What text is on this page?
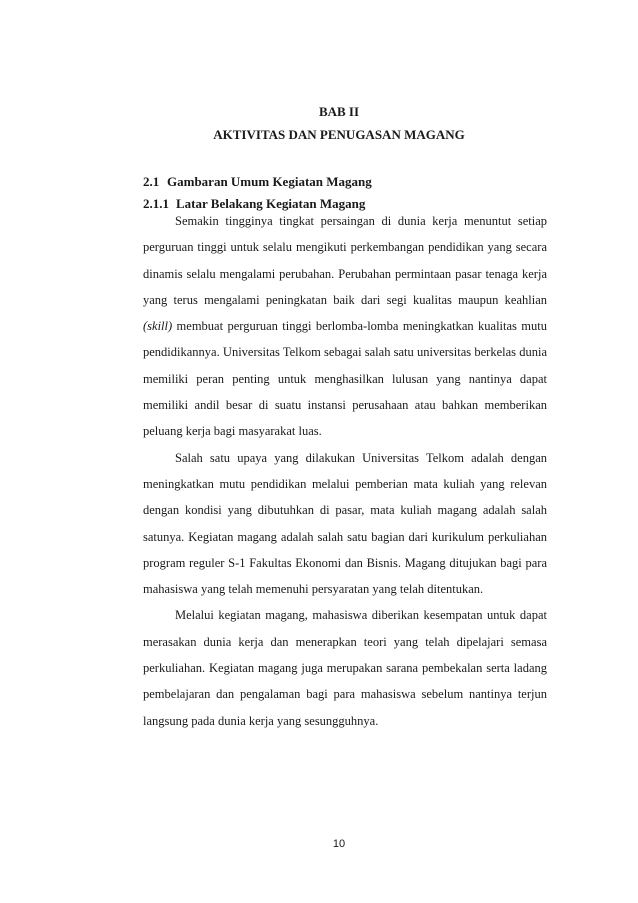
BAB II
AKTIVITAS DAN PENUGASAN MAGANG
2.1 Gambaran Umum Kegiatan Magang
2.1.1 Latar Belakang Kegiatan Magang

Semakin tingginya tingkat persaingan di dunia kerja menuntut setiap perguruan tinggi untuk selalu mengikuti perkembangan pendidikan yang secara dinamis selalu mengalami perubahan. Perubahan permintaan pasar tenaga kerja yang terus mengalami peningkatan baik dari segi kualitas maupun keahlian (skill) membuat perguruan tinggi berlomba-lomba meningkatkan kualitas mutu pendidikannya. Universitas Telkom sebagai salah satu universitas berkelas dunia memiliki peran penting untuk menghasilkan lulusan yang nantinya dapat memiliki andil besar di suatu instansi perusahaan atau bahkan memberikan peluang kerja bagi masyarakat luas.

Salah satu upaya yang dilakukan Universitas Telkom adalah dengan meningkatkan mutu pendidikan melalui pemberian mata kuliah yang relevan dengan kondisi yang dibutuhkan di pasar, mata kuliah magang adalah salah satunya. Kegiatan magang adalah salah satu bagian dari kurikulum perkuliahan program reguler S-1 Fakultas Ekonomi dan Bisnis. Magang ditujukan bagi para mahasiswa yang telah memenuhi persyaratan yang telah ditentukan.

Melalui kegiatan magang, mahasiswa diberikan kesempatan untuk dapat merasakan dunia kerja dan menerapkan teori yang telah dipelajari semasa perkuliahan. Kegiatan magang juga merupakan sarana pembekalan serta ladang pembelajaran dan pengalaman bagi para mahasiswa sebelum nantinya terjun langsung pada dunia kerja yang sesungguhnya.

10
